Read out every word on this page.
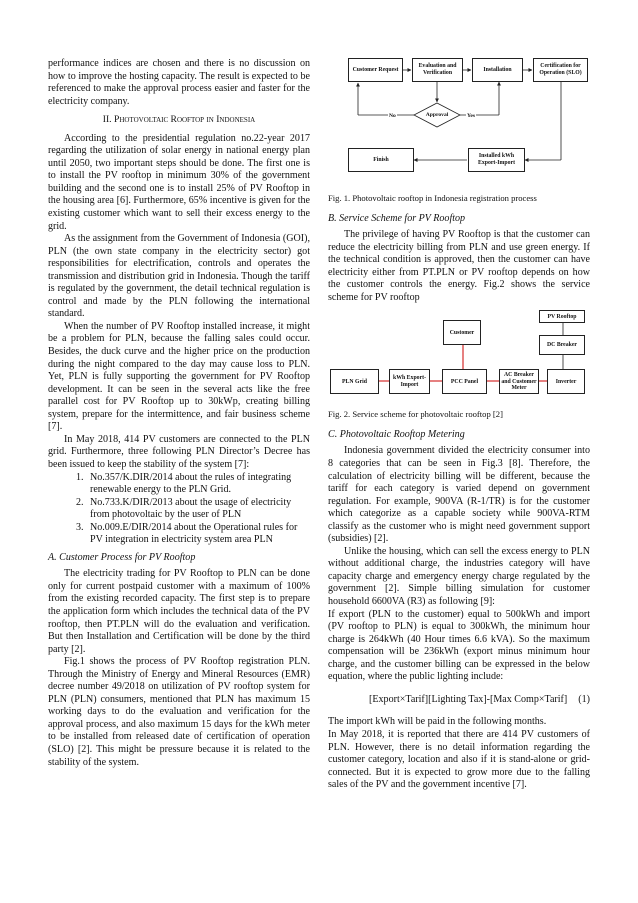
performance indices are chosen and there is no discussion on how to improve the hosting capacity. The result is expected to be referenced to make the approval process easier and faster for the electricity company.

II. Photovoltaic Rooftop in Indonesia

According to the presidential regulation no.22-year 2017 regarding the utilization of solar energy in national energy plan until 2050, two important steps should be done. The first one is to install the PV rooftop in minimum 30% of the government building and the second one is to install 25% of PV Rooftop in the housing area [6]. Furthermore, 65% incentive is given for the existing customer which want to sell their excess energy to the grid.

As the assignment from the Government of Indonesia (GOI), PLN (the own state company in the electricity sector) got responsibilities for electrification, controls and operates the transmission and distribution grid in Indonesia. Though the tariff is regulated by the government, the detail technical regulation is control and made by the PLN following the international standard.

When the number of PV Rooftop installed increase, it might be a problem for PLN, because the falling sales could occur. Besides, the duck curve and the higher price on the production during the night compared to the day may cause loss to PLN. Yet, PLN is fully supporting the government for PV Rooftop development. It can be seen in the several acts like the free parallel cost for PV Rooftop up to 30kWp, creating billing system, prepare for the intermittence, and fair business scheme [7].

In May 2018, 414 PV customers are connected to the PLN grid. Furthermore, three following PLN Director’s Decree has been issued to keep the stability of the system [7]:

1. No.357/K.DIR/2014 about the rules of integrating renewable energy to the PLN Grid.
2. No.733.K/DIR/2013 about the usage of electricity from photovoltaic by the user of PLN
3. No.009.E/DIR/2014 about the Operational rules for PV integration in electricity system area PLN
A. Customer Process for PV Rooftop

The electricity trading for PV Rooftop to PLN can be done only for current postpaid customer with a maximum of 100% from the existing recorded capacity. The first step is to prepare the application form which includes the technical data of the PV rooftop, then PT.PLN will do the evaluation and verification. But then Installation and Certification will be done by the third party [2].

Fig.1 shows the process of PV Rooftop registration PLN. Through the Ministry of Energy and Mineral Resources (EMR) decree number 49/2018 on utilization of PV rooftop system for PLN (PLN) consumers, mentioned that PLN has maximum 15 working days to do the evaluation and verification for the approval process, and also maximum 15 days for the kWh meter to be installed from released date of certification of operation (SLO) [2]. This might be pressure because it is related to the stability of the system.

Customer Request
Evaluation and Verification
Installation
Certification for Operation (SLO)
Approval
No	Yes
Finish
Installed kWh Export-Import

Fig. 1. Photovoltaic rooftop in Indonesia registration process

B. Service Scheme for PV Rooftop

The privilege of having PV Rooftop is that the customer can reduce the electricity billing from PLN and use green energy. If the technical condition is approved, then the customer can have electricity either from PT.PLN or PV rooftop depends on how the customer controls the energy. Fig.2 shows the service scheme for PV rooftop

PV Rooftop
Customer
DC Breaker
PLN Grid
kWh Export-Import
PCC Panel
AC Breaker and Customer Meter
Inverter

Fig. 2. Service scheme for photovoltaic rooftop [2]

C. Photovoltaic Rooftop Metering

Indonesia government divided the electricity consumer into 8 categories that can be seen in Fig.3 [8]. Therefore, the calculation of electricity billing will be different, because the tariff for each category is varied depend on government regulation. For example, 900VA (R-1/TR) is for the customer which categorize as a capable society while 900VA-RTM classify as the customer who is might need government support (subsidies) [2].

Unlike the housing, which can sell the excess energy to PLN without additional charge, the industries category will have capacity charge and emergency energy charge regulated by the government [2]. Simple billing simulation for customer household 6600VA (R3) as following [9]:

If export (PLN to the customer) equal to 500kWh and import (PV rooftop to PLN) is equal to 300kWh, the minimum hour charge is 264kWh (40 Hour times 6.6 kVA). So the maximum compensation will be 236kWh (export minus minimum hour charge, and the customer billing can be expressed in the below equation, where the public lighting include:

[Export×Tarif][Lighting Tax]-[Max Comp×Tarif] (1)

The import kWh will be paid in the following months.

In May 2018, it is reported that there are 414 PV customers of PLN. However, there is no detail information regarding the customer category, location and also if it is stand-alone or grid-connected. But it is expected to grow more due to the falling sales of the PV and the government incentive [7].
